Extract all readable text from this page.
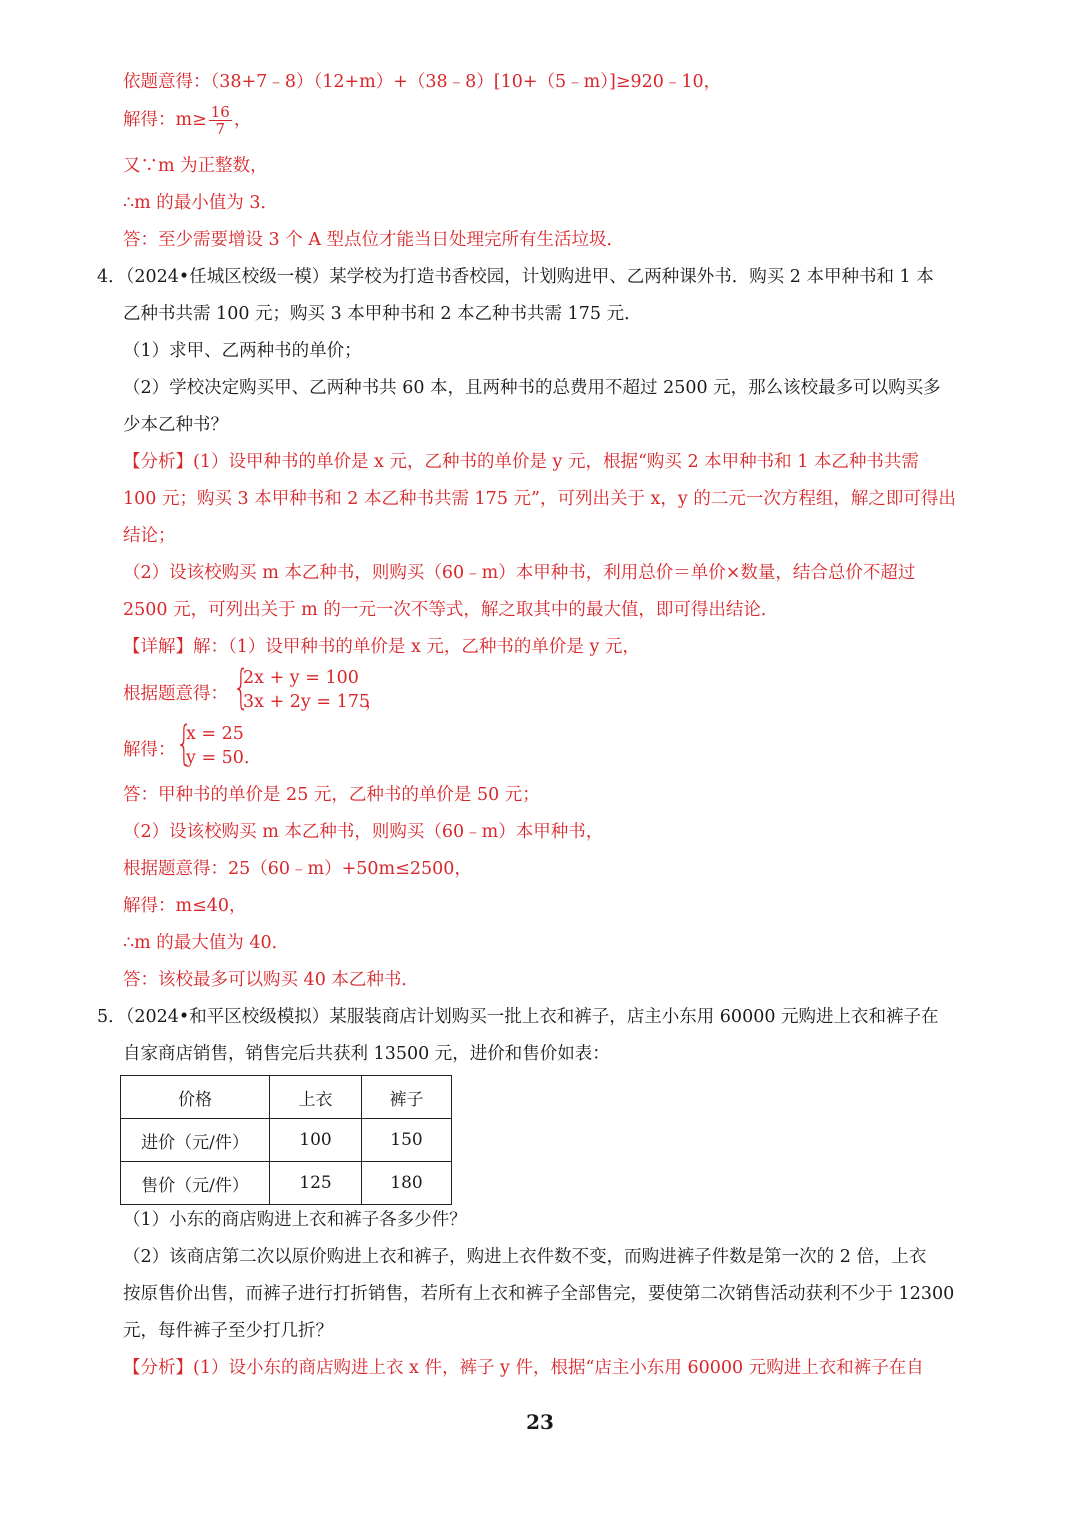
依题意得：（38+7﹣8）（12+m）+（38﹣8）[10+（5﹣m）]≥920﹣10，
解得：$m\ge \frac{16}{7}$ ，
又∵m 为正整数，
∴m 的最小值为 3．
答：至少需要增设 3 个 A 型点位才能当日处理完所有生活垃圾．
4．（2024•任城区校级一模）某学校为打造书香校园，计划购进甲、乙两种课外书．购买 2 本甲种书和 1 本
乙种书共需 100 元；购买 3 本甲种书和 2 本乙种书共需 175 元．
（1）求甲、乙两种书的单价；
（2）学校决定购买甲、乙两种书共 60 本，且两种书的总费用不超过 2500 元，那么该校最多可以购买多
少本乙种书？
【分析】(1）设甲种书的单价是 x 元，乙种书的单价是 y 元，根据“购买 2 本甲种书和 1 本乙种书共需
100 元；购买 3 本甲种书和 2 本乙种书共需 175 元”，可列出关于 x，y 的二元一次方程组，解之即可得出
结论；
（2）设该校购买 m 本乙种书，则购买（60﹣m）本甲种书，利用总价＝单价×数量，结合总价不超过
2500 元，可列出关于 m 的一元一次不等式，解之取其中的最大值，即可得出结论．
【详解】解：（1）设甲种书的单价是 x 元，乙种书的单价是 y 元，
根据题意得： {
2x + y = 100
3x + 2y = 175
，
解得： {
x = 25
y = 50 ．
答：甲种书的单价是 25 元，乙种书的单价是 50 元；
（2）设该校购买 m 本乙种书，则购买（60﹣m）本甲种书，
根据题意得：25（60﹣m）+50m≤2500，
解得：m≤40，
∴m 的最大值为 40．
答：该校最多可以购买 40 本乙种书．
5．（2024•和平区校级模拟）某服装商店计划购买一批上衣和裤子，店主小东用 60000 元购进上衣和裤子在
自家商店销售，销售完后共获利 13500 元，进价和售价如表：
价格	上衣	裤子
进价（元/件）	100	150
售价（元/件）	125	180
（1）小东的商店购进上衣和裤子各多少件？
（2）该商店第二次以原价购进上衣和裤子，购进上衣件数不变，而购进裤子件数是第一次的 2 倍，上衣
按原售价出售，而裤子进行打折销售，若所有上衣和裤子全部售完，要使第二次销售活动获利不少于 12300
元，每件裤子至少打几折？
【分析】(1）设小东的商店购进上衣 x 件，裤子 y 件，根据“店主小东用 60000 元购进上衣和裤子在自
23
